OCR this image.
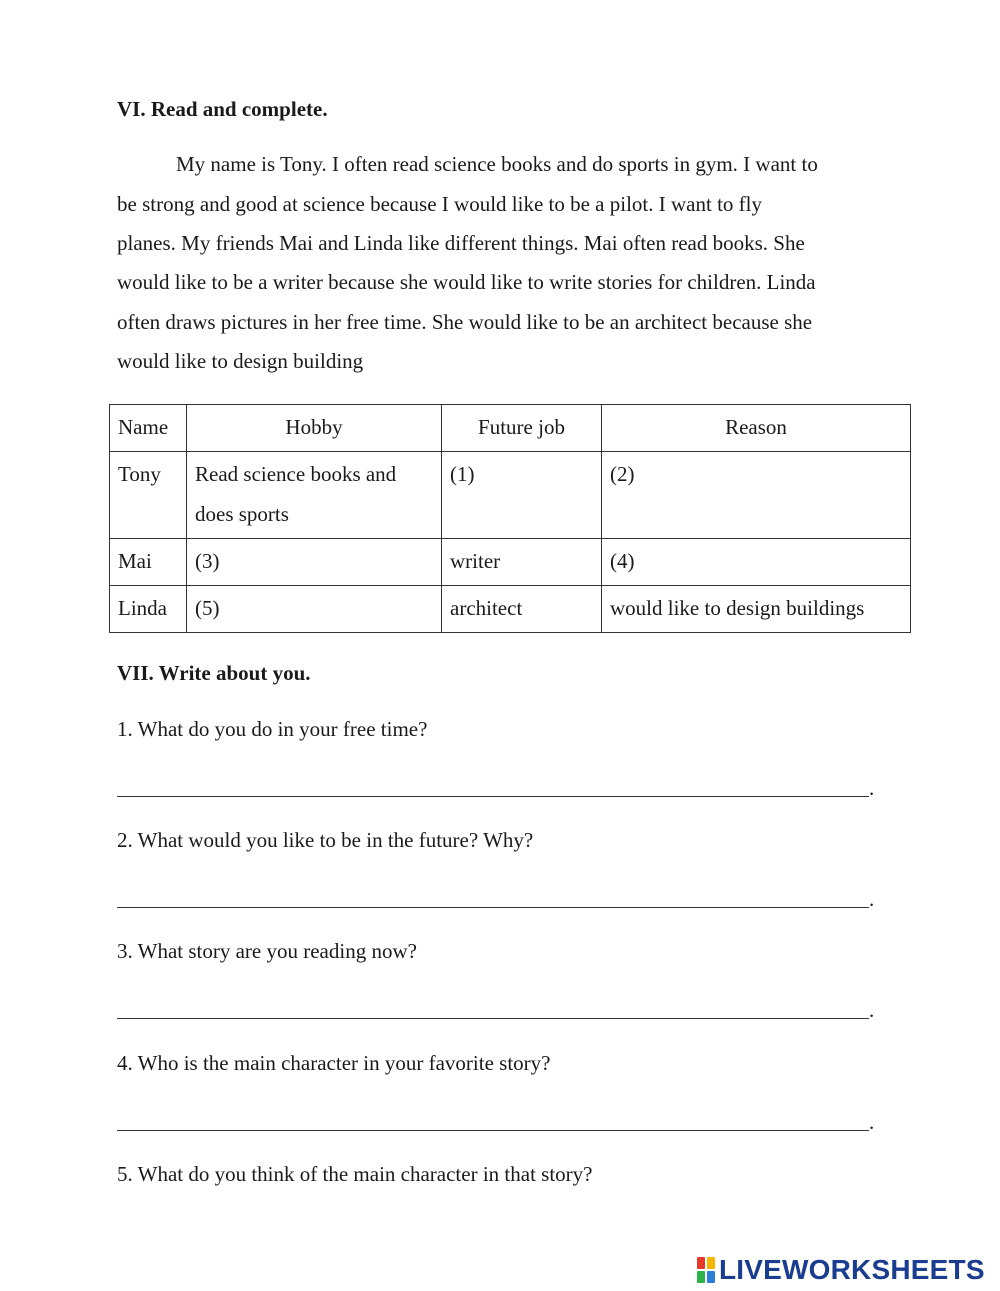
VI. Read and complete.
My name is Tony. I often read science books and do sports in gym. I want to
be strong and good at science because I would like to be a pilot. I want to fly
planes. My friends Mai and Linda like different things. Mai often read books. She
would like to be a writer because she would like to write stories for children. Linda
often draws pictures in her free time. She would like to be an architect because she
would like to design building
Name	Hobby	Future job	Reason
Tony	Read science books and does sports	(1)	(2)
Mai	(3)	writer	(4)
Linda	(5)	architect	would like to design buildings
VII. Write about you.
1. What do you do in your free time?
.
2. What would you like to be in the future? Why?
.
3. What story are you reading now?
.
4. Who is the main character in your favorite story?
.
5. What do you think of the main character in that story?
LIVEWORKSHEETS
